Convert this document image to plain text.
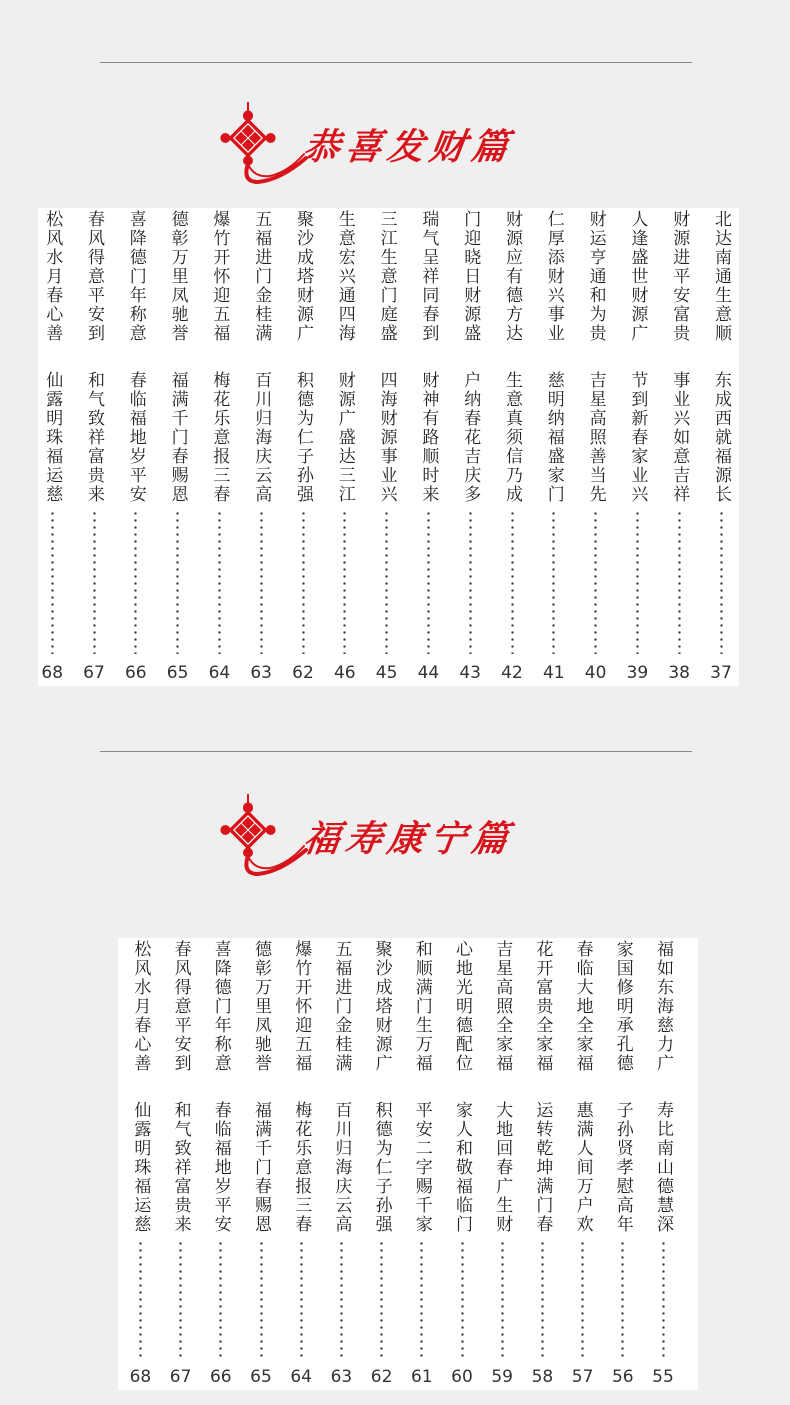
恭喜发财篇
北达南通生意顺
东成西就福源长
37
财源进平安富贵
事业兴如意吉祥
38
人逢盛世财源广
节到新春家业兴
39
财运亨通和为贵
吉星高照善当先
40
仁厚添财兴事业
慈明纳福盛家门
41
财源应有德方达
生意真须信乃成
42
门迎晓日财源盛
户纳春花吉庆多
43
瑞气呈祥同春到
财神有路顺时来
44
三江生意门庭盛
四海财源事业兴
45
生意宏兴通四海
财源广盛达三江
46
聚沙成塔财源广
积德为仁子孙强
62
五福进门金桂满
百川归海庆云高
63
爆竹开怀迎五福
梅花乐意报三春
64
德彰万里凤驰誉
福满千门春赐恩
65
喜降德门年称意
春临福地岁平安
66
春风得意平安到
和气致祥富贵来
67
松风水月春心善
仙露明珠福运慈
68
福寿康宁篇
福如东海慈力广
寿比南山德慧深
55
家国修明承孔德
子孙贤孝慰高年
56
春临大地全家福
惠满人间万户欢
57
花开富贵全家福
运转乾坤满门春
58
吉星高照全家福
大地回春广生财
59
心地光明德配位
家人和敬福临门
60
和顺满门生万福
平安二字赐千家
61
聚沙成塔财源广
积德为仁子孙强
62
五福进门金桂满
百川归海庆云高
63
爆竹开怀迎五福
梅花乐意报三春
64
德彰万里凤驰誉
福满千门春赐恩
65
喜降德门年称意
春临福地岁平安
66
春风得意平安到
和气致祥富贵来
67
松风水月春心善
仙露明珠福运慈
68
